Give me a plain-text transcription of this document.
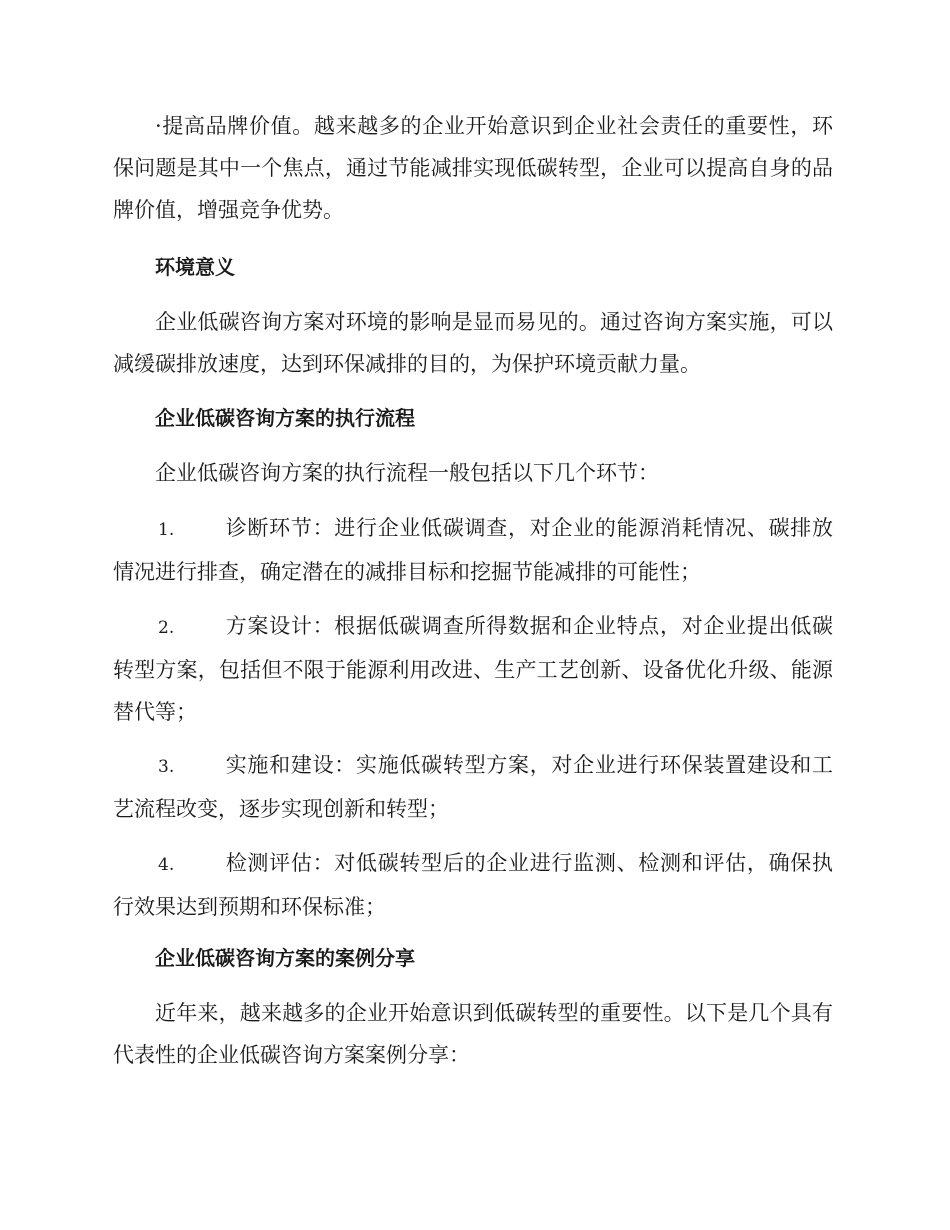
·提高品牌价值。越来越多的企业开始意识到企业社会责任的重要性，环保问题是其中一个焦点，通过节能减排实现低碳转型，企业可以提高自身的品牌价值，增强竞争优势。

环境意义

企业低碳咨询方案对环境的影响是显而易见的。通过咨询方案实施，可以减缓碳排放速度，达到环保减排的目的，为保护环境贡献力量。

企业低碳咨询方案的执行流程

企业低碳咨询方案的执行流程一般包括以下几个环节：

1. 诊断环节：进行企业低碳调查，对企业的能源消耗情况、碳排放情况进行排查，确定潜在的减排目标和挖掘节能减排的可能性；

2. 方案设计：根据低碳调查所得数据和企业特点，对企业提出低碳转型方案，包括但不限于能源利用改进、生产工艺创新、设备优化升级、能源替代等；

3. 实施和建设：实施低碳转型方案，对企业进行环保装置建设和工艺流程改变，逐步实现创新和转型；

4. 检测评估：对低碳转型后的企业进行监测、检测和评估，确保执行效果达到预期和环保标准；

企业低碳咨询方案的案例分享

近年来，越来越多的企业开始意识到低碳转型的重要性。以下是几个具有代表性的企业低碳咨询方案案例分享：
